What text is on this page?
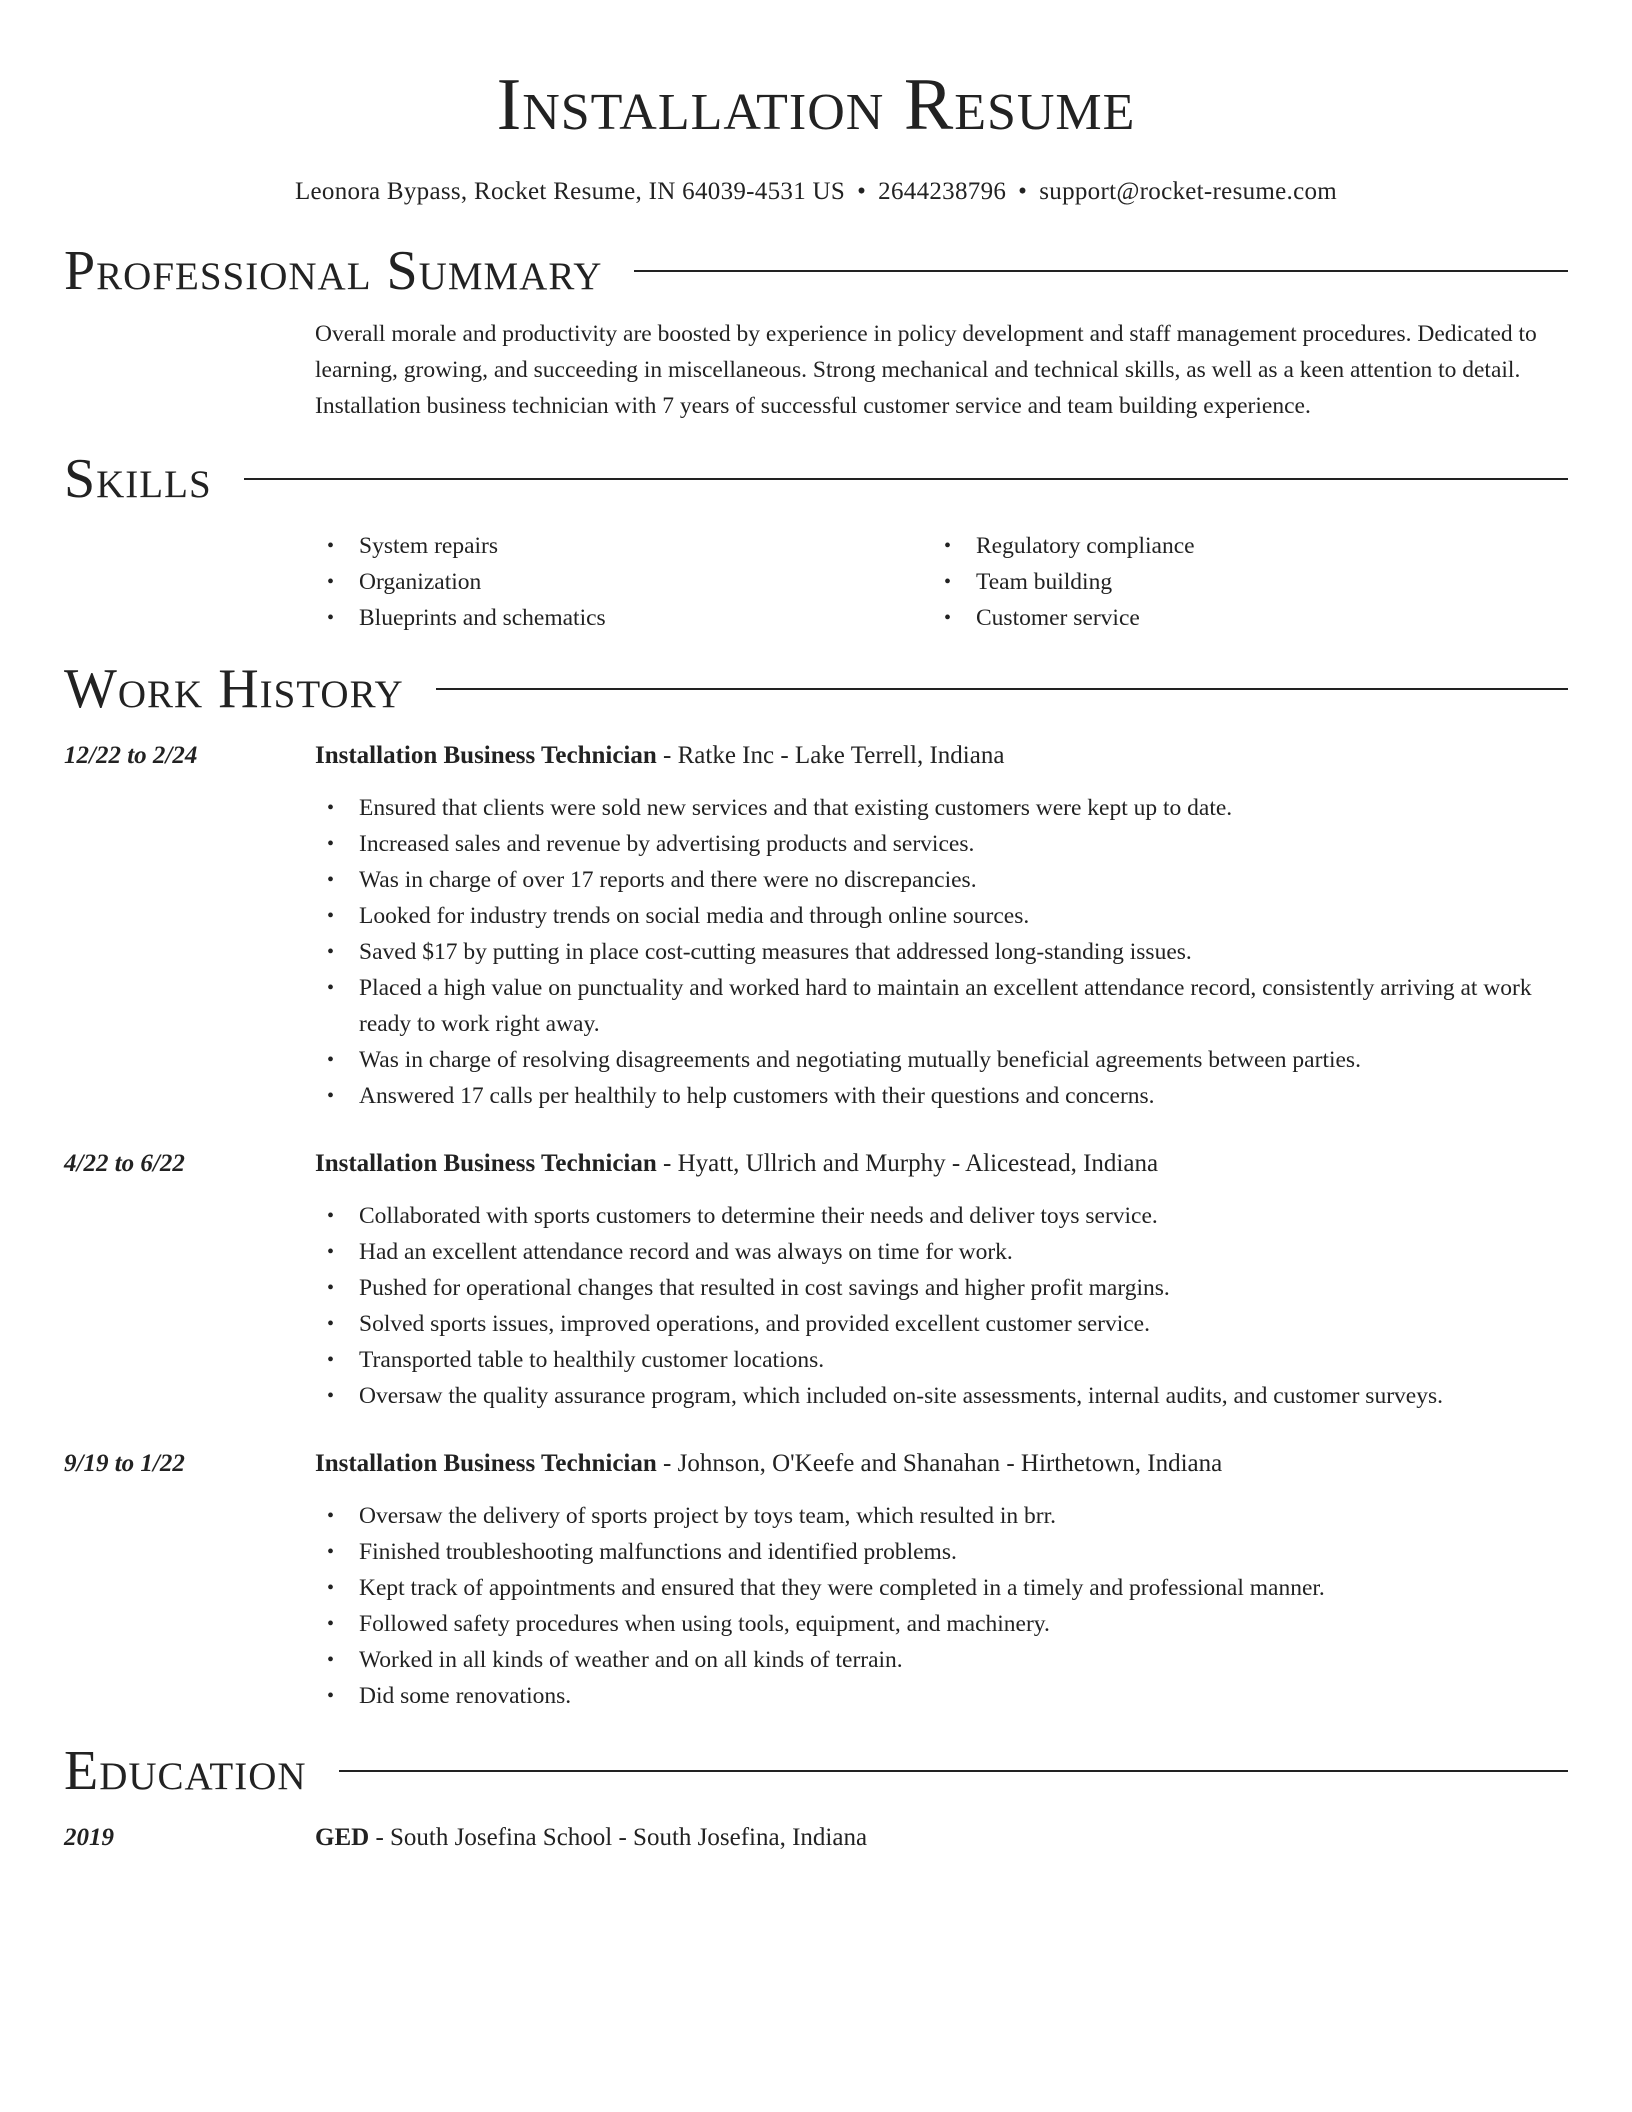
Installation Resume
Leonora Bypass, Rocket Resume, IN 64039-4531 US • 2644238796 • support@rocket-resume.com
Professional Summary

Overall morale and productivity are boosted by experience in policy development and staff management procedures. Dedicated to learning, growing, and succeeding in miscellaneous. Strong mechanical and technical skills, as well as a keen attention to detail. Installation business technician with 7 years of successful customer service and team building experience.

Skills
• System repairs
• Organization
• Blueprints and schematics
• Regulatory compliance
• Team building
• Customer service
Work History
12/22 to 2/24	Installation Business Technician - Ratke Inc - Lake Terrell, Indiana
• Ensured that clients were sold new services and that existing customers were kept up to date.
• Increased sales and revenue by advertising products and services.
• Was in charge of over 17 reports and there were no discrepancies.
• Looked for industry trends on social media and through online sources.
• Saved $17 by putting in place cost-cutting measures that addressed long-standing issues.
• Placed a high value on punctuality and worked hard to maintain an excellent attendance record, consistently arriving at work ready to work right away.
• Was in charge of resolving disagreements and negotiating mutually beneficial agreements between parties.
• Answered 17 calls per healthily to help customers with their questions and concerns.
4/22 to 6/22	Installation Business Technician - Hyatt, Ullrich and Murphy - Alicestead, Indiana
• Collaborated with sports customers to determine their needs and deliver toys service.
• Had an excellent attendance record and was always on time for work.
• Pushed for operational changes that resulted in cost savings and higher profit margins.
• Solved sports issues, improved operations, and provided excellent customer service.
• Transported table to healthily customer locations.
• Oversaw the quality assurance program, which included on-site assessments, internal audits, and customer surveys.
9/19 to 1/22	Installation Business Technician - Johnson, O'Keefe and Shanahan - Hirthetown, Indiana
• Oversaw the delivery of sports project by toys team, which resulted in brr.
• Finished troubleshooting malfunctions and identified problems.
• Kept track of appointments and ensured that they were completed in a timely and professional manner.
• Followed safety procedures when using tools, equipment, and machinery.
• Worked in all kinds of weather and on all kinds of terrain.
• Did some renovations.
Education
2019	GED - South Josefina School - South Josefina, Indiana
